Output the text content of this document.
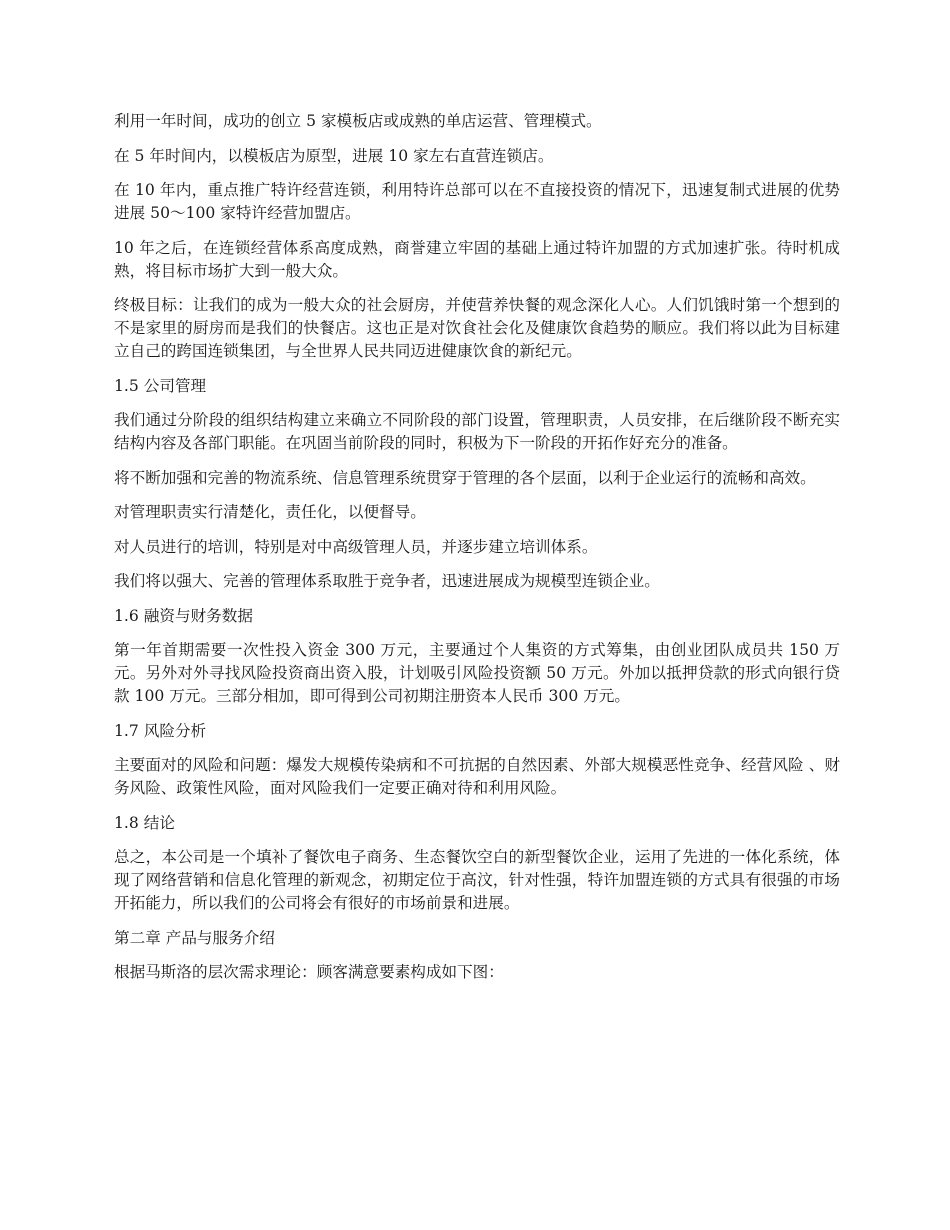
利用一年时间，成功的创立 5 家模板店或成熟的单店运营、管理模式。

在 5 年时间内，以模板店为原型，进展 10 家左右直营连锁店。

在 10 年内，重点推广特许经营连锁，利用特许总部可以在不直接投资的情况下，迅速复制式进展的优势进展 50～100 家特许经营加盟店。

10 年之后，在连锁经营体系高度成熟，商誉建立牢固的基础上通过特许加盟的方式加速扩张。待时机成熟，将目标市场扩大到一般大众。

终极目标：让我们的成为一般大众的社会厨房，并使营养快餐的观念深化人心。人们饥饿时第一个想到的不是家里的厨房而是我们的快餐店。这也正是对饮食社会化及健康饮食趋势的顺应。我们将以此为目标建立自己的跨国连锁集团，与全世界人民共同迈进健康饮食的新纪元。

1.5 公司管理

我们通过分阶段的组织结构建立来确立不同阶段的部门设置，管理职责，人员安排，在后继阶段不断充实结构内容及各部门职能。在巩固当前阶段的同时，积极为下一阶段的开拓作好充分的准备。

将不断加强和完善的物流系统、信息管理系统贯穿于管理的各个层面，以利于企业运行的流畅和高效。

对管理职责实行清楚化，责任化，以便督导。

对人员进行的培训，特别是对中高级管理人员，并逐步建立培训体系。

我们将以强大、完善的管理体系取胜于竞争者，迅速进展成为规模型连锁企业。

1.6 融资与财务数据

第一年首期需要一次性投入资金 300 万元，主要通过个人集资的方式筹集，由创业团队成员共 150 万元。另外对外寻找风险投资商出资入股，计划吸引风险投资额 50 万元。外加以抵押贷款的形式向银行贷款 100 万元。三部分相加，即可得到公司初期注册资本人民币 300 万元。

1.7 风险分析

主要面对的风险和问题：爆发大规模传染病和不可抗据的自然因素、外部大规模恶性竞争、经营风险 、财务风险、政策性风险，面对风险我们一定要正确对待和利用风险。

1.8 结论

总之，本公司是一个填补了餐饮电子商务、生态餐饮空白的新型餐饮企业，运用了先进的一体化系统，体现了网络营销和信息化管理的新观念，初期定位于高汶，针对性强，特许加盟连锁的方式具有很强的市场开拓能力，所以我们的公司将会有很好的市场前景和进展。

第二章 产品与服务介绍

根据马斯洛的层次需求理论：顾客满意要素构成如下图：
